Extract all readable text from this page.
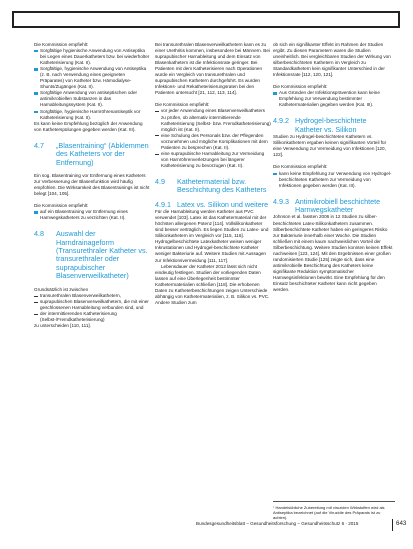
Die Kommission empfiehlt:

Sorgfältige hygienische Anwendung von Antiseptika bei Legen eines Dauerkatheters bzw. bei wiederholter Katheterisierung (Kat. II).

Sorgfältige, hygienische Anwendung von Antiseptika (z. B. nach Verwendung eines geeigneten Präparates) von Katheter bzw. Hämodialyse-Shunts/Zugängen (Kat. II).

Sorgfältige Anwendung von antiseptischen oder antimikrobiellen Substanzen in das Harnableitungssystem (Kat. II).

Sorgfältige, hygienische Harnröhrenantiseptik vor Katheterisierung (Kat. II).

Es kann keine Empfehlung bezüglich der Anwendung von Katheterspülungen gegeben werden (Kat. III).

4.7 „Blasentraining“ (Abklemmen des Katheters vor der Entfernung)

Ein sog. Blasentraining vor Entfernung eines Katheters zur Verbesserung der Blasenfunktion wird häufig empfohlen. Die Wirksamkeit des Blasentrainings ist nicht belegt [104, 105].

Die Kommission empfiehlt:

auf ein Blasentraining vor Entfernung eines Harnwegskatheters zu verzichten (Kat. II).

4.8 Auswahl der Harndrainageform (Transurethraler Katheter vs. transurethraler oder suprapubischer Blasenverweilkatheter)

Grundsätzlich ist zwischen

transurethralen Blasenverweilkathetern,

suprapubischen Blasenverweilkathetern, die mit einer geschlossenen Harnableitung verbunden sind, und

der intermittierenden Katheterisierung (Selbst-/Fremdkatheterisierung)

zu unterscheiden [110, 111].

Bei transurethralen Blasenverweilkathetern kann es zu einer Urethritis kommen, insbesondere bei Männern. Bei suprapubischer Harnableitung und dem Einsatz von Blasenkathetern ist die Infektionsrate geringer. Bei Patienten mit dem Katheterisieren nach Operationen wurde ein Vergleich von transurethralen und suprapubischen Kathetern durchgeführt. Es wurden Infektions- und Rekatheterisierungsraten bei den Patienten untersucht [21, 112, 113, 114].

Die Kommission empfiehlt:

vor jeder Anwendung eines Blasenverweilkatheters zu prüfen, ob alternativ intermittierende Katheterisierung (Selbst- bzw. Fremdkatheterisierung) möglich ist (Kat. II).

eine Schulung des Personals bzw. der Pflegenden vorzunehmen und mögliche Komplikationen mit dem Patienten zu besprechen (Kat. II).

eine suprapubische Harnableitung zur Vermeidung von Harnröhrenverletzungen bei längerer Katheterisierung zu bevorzugen (Kat. II).

4.9 Kathetermaterial bzw. Beschichtung des Katheters

4.9.1 Latex vs. Silikon und weitere

Für die Harnableitung werden Katheter aus PVC verwendet [103]. Latex ist das Kathetermaterial mit der höchsten allergenen Potenz [114]. Vollsilikonkatheter sind besser verträglich. Es liegen Studien zu Latex- und Silikonkathetern im Vergleich vor [115, 116]. Hydrogelbeschichtete Latexkatheter weisen weniger Inkrustationen und Hydrogel-beschichtete Katheter weniger Bakteriurie auf. Weitere Studien mit Aussagen zur Infektionsvermeidung [111, 117].

Lebensdauer der Katheter 2012 lässt sich nicht eindeutig festlegen. Studien der vorliegenden Daten lassen auf eine Überlegenheit bestimmter Kathetermaterialien schließen [118]. Die erhobenen Daten zu Katheterbeschichtungen zeigen Unterschiede abhängig von Kathetermaterialien, z. B. Silikon vs. PVC. Andere Studien zum

ob sich ein signifikanter Effekt im Rahmen der Studien ergibt. Zu diesen Parametern waren die Studien uneinheitlich. Bei vergleichbaren Studien der Wirkung von silberbeschichteten Kathetern im Vergleich zu Standardkathetern kein signifikanter Unterschied in der Infektionsrate [112, 120, 121].

Die Kommission empfiehlt:

Aus Gründen der Infektionsprävention kann keine Empfehlung zur Verwendung bestimmter Kathetermaterialien gegeben werden (Kat. III).

4.9.2 Hydrogel-beschichtete Katheter vs. Silikon

Studien zu Hydrogel-beschichteten Kathetern vs. Silikonkathetern ergaben keinen signifikanten Vorteil für eine Verwendung zur Vermeidung von Infektionen [120, 122].

Die Kommission empfiehlt:

kann keine Empfehlung zur Verwendung von Hydrogel-beschichteten Kathetern zur Vermeidung von Infektionen gegeben werden (Kat. III).

4.9.3 Antimikrobiell beschichtete Harnwegskatheter

Johnson et al. fassten 2006 in 12 Studien zu silber-beschichteten Latex-Silikonkathetern zusammen. Silberbeschichtete Katheter haben ein geringeres Risiko zur Bakteriurie innerhalb einer Woche. Die Studien schließen mit einem kaum nachweislichen Vorteil der Silberbeschichtung. Weitere Studien konnten keinen Effekt nachweisen [123, 124]. Mit den Ergebnissen einer großen randomisierten Studie [125] zeigte sich, dass eine antimikrobielle Beschichtung des Katheters keine signifikante Reduktion symptomatischer Harnwegsinfektionen bewirkt. Eine Empfehlung für den Einsatz beschichteter Katheter kann nicht gegeben werden.

¹ Handelsübliche Zubereitung mit viruziden Wirkstoffen wird als Antiseptika bezeichnet (auf die Viruzidie des Präparats ist zu achten).
Bundesgesundheitsblatt – Gesundheitsforschung – Gesundheitsschutz 6 · 2015	643
